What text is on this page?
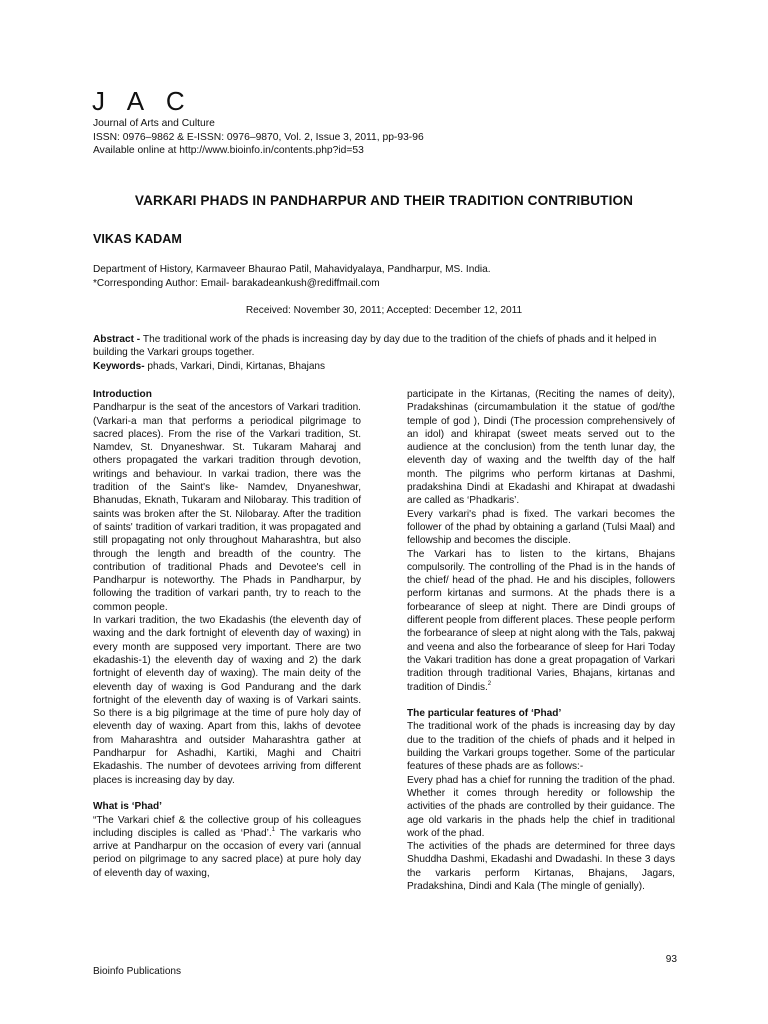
J A C
Journal of Arts and Culture
ISSN: 0976–9862 & E-ISSN: 0976–9870, Vol. 2, Issue 3, 2011, pp-93-96
Available online at http://www.bioinfo.in/contents.php?id=53
VARKARI PHADS IN PANDHARPUR AND THEIR TRADITION CONTRIBUTION
VIKAS KADAM
Department of History, Karmaveer Bhaurao Patil, Mahavidyalaya, Pandharpur, MS. India.
*Corresponding Author: Email- barakadeankush@rediffmail.com
Received: November 30, 2011; Accepted: December 12, 2011
Abstract - The traditional work of the phads is increasing day by day due to the tradition of the chiefs of phads and it helped in building the Varkari groups together.
Keywords- phads, Varkari, Dindi, Kirtanas, Bhajans

Introduction

Pandharpur is the seat of the ancestors of Varkari tradition. (Varkari-a man that performs a periodical pilgrimage to sacred places). From the rise of the Varkari tradition, St. Namdev, St. Dnyaneshwar. St. Tukaram Maharaj and others propagated the varkari tradition through devotion, writings and behaviour. In varkai tradion, there was the tradition of the Saint's like- Namdev, Dnyaneshwar, Bhanudas, Eknath, Tukaram and Nilobaray. This tradition of saints was broken after the St. Nilobaray. After the tradition of saints' tradition of varkari tradition, it was propagated and still propagating not only throughout Maharashtra, but also through the length and breadth of the country. The contribution of traditional Phads and Devotee's cell in Pandharpur is noteworthy. The Phads in Pandharpur, by following the tradition of varkari panth, try to reach to the common people.

In varkari tradition, the two Ekadashis (the eleventh day of waxing and the dark fortnight of eleventh day of waxing) in every month are supposed very important. There are two ekadashis-1) the eleventh day of waxing and 2) the dark fortnight of eleventh day of waxing). The main deity of the eleventh day of waxing is God Pandurang and the dark fortnight of the eleventh day of waxing is of Varkari saints. So there is a big pilgrimage at the time of pure holy day of eleventh day of waxing. Apart from this, lakhs of devotee from Maharashtra and outsider Maharashtra gather at Pandharpur for Ashadhi, Kartiki, Maghi and Chaitri Ekadashis. The number of devotees arriving from different places is increasing day by day.

What is ‘Phad’

“The Varkari chief & the collective group of his colleagues including disciples is called as ‘Phad’.$^1$ The varkaris who arrive at Pandharpur on the occasion of every vari (annual period on pilgrimage to any sacred place) at pure holy day of eleventh day of waxing,

participate in the Kirtanas, (Reciting the names of deity), Pradakshinas (circumambulation it the statue of god/the temple of god ), Dindi (The procession comprehensively of an idol) and khirapat (sweet meats served out to the audience at the conclusion) from the tenth lunar day, the eleventh day of waxing and the twelfth day of the half month. The pilgrims who perform kirtanas at Dashmi, pradakshina Dindi at Ekadashi and Khirapat at dwadashi are called as ‘Phadkaris’.

Every varkari's phad is fixed. The varkari becomes the follower of the phad by obtaining a garland (Tulsi Maal) and fellowship and becomes the disciple.

The Varkari has to listen to the kirtans, Bhajans compulsorily. The controlling of the Phad is in the hands of the chief/ head of the phad. He and his disciples, followers perform kirtanas and surmons. At the phads there is a forbearance of sleep at night. There are Dindi groups of different people from different places. These people perform the forbearance of sleep at night along with the Tals, pakwaj and veena and also the forbearance of sleep for Hari Today the Vakari tradition has done a great propagation of Varkari tradition through traditional Varies, Bhajans, kirtanas and tradition of Dindis.$^2$

The particular features of ‘Phad’

The traditional work of the phads is increasing day by day due to the tradition of the chiefs of phads and it helped in building the Varkari groups together. Some of the particular features of these phads are as follows:-

Every phad has a chief for running the tradition of the phad. Whether it comes through heredity or followship the activities of the phads are controlled by their guidance. The age old varkaris in the phads help the chief in traditional work of the phad.

The activities of the phads are determined for three days Shuddha Dashmi, Ekadashi and Dwadashi. In these 3 days the varkaris perform Kirtanas, Bhajans, Jagars, Pradakshina, Dindi and Kala (The mingle of genially).

93
Bioinfo Publications
